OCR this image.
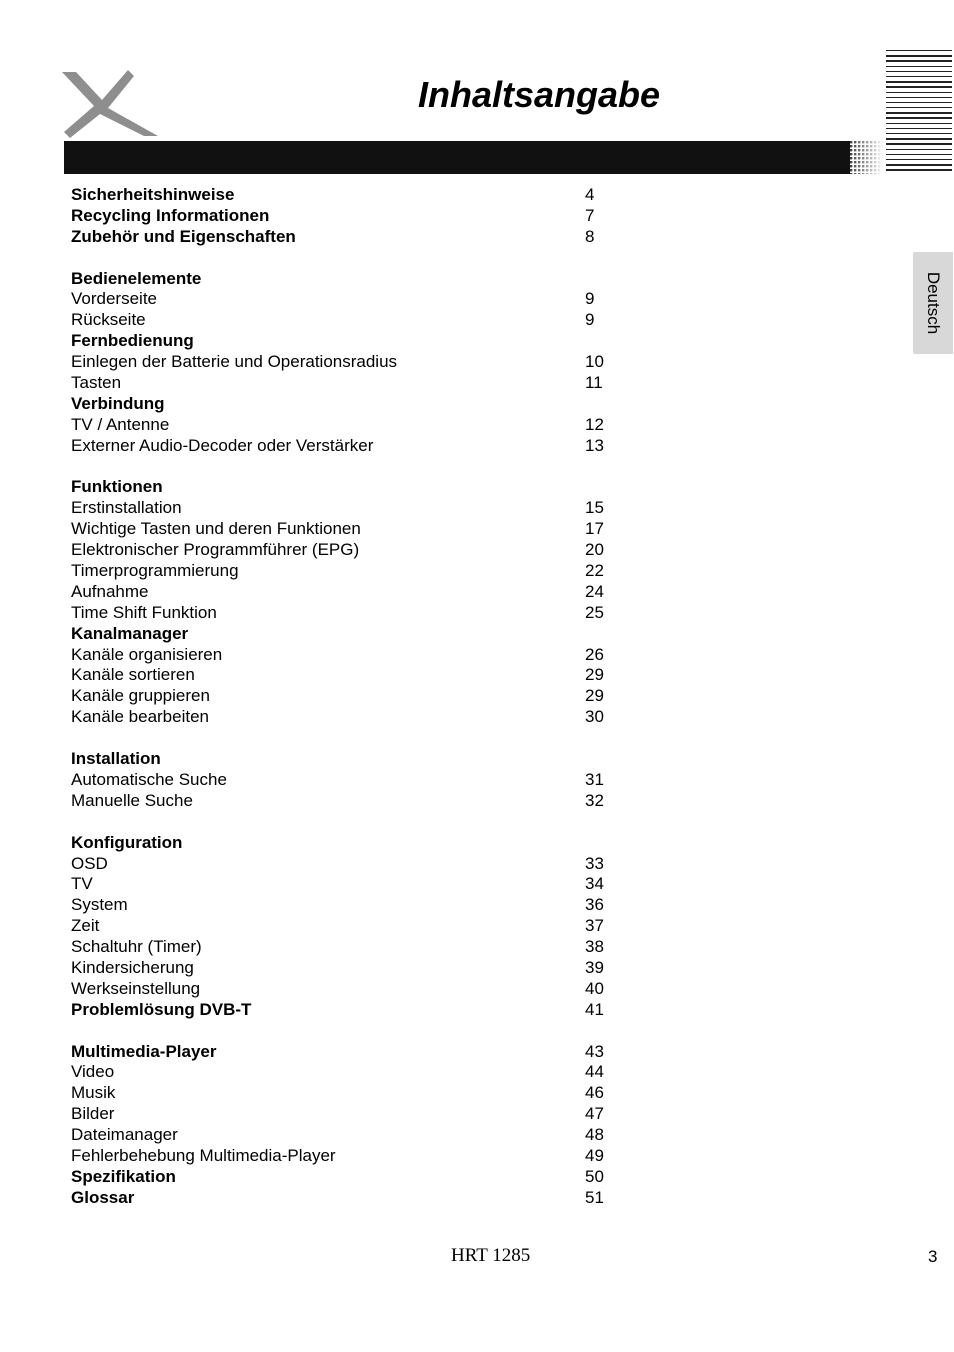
Inhaltsangabe
Deutsch
Sicherheitshinweise	4
Recycling Informationen	7
Zubehör und Eigenschaften	8
Bedienelemente
Vorderseite	9
Rückseite	9
Fernbedienung
Einlegen der Batterie und Operationsradius	10
Tasten	11
Verbindung
TV / Antenne	12
Externer Audio-Decoder oder Verstärker	13
Funktionen
Erstinstallation	15
Wichtige Tasten und deren Funktionen	17
Elektronischer Programmführer (EPG)	20
Timerprogrammierung	22
Aufnahme	24
Time Shift Funktion	25
Kanalmanager
Kanäle organisieren	26
Kanäle sortieren	29
Kanäle gruppieren	29
Kanäle bearbeiten	30
Installation
Automatische Suche	31
Manuelle Suche	32
Konfiguration
OSD	33
TV	34
System	36
Zeit	37
Schaltuhr (Timer)	38
Kindersicherung	39
Werkseinstellung	40
Problemlösung DVB-T	41
Multimedia-Player	43
Video	44
Musik	46
Bilder	47
Dateimanager	48
Fehlerbehebung Multimedia-Player	49
Spezifikation	50
Glossar	51
HRT 1285	3
